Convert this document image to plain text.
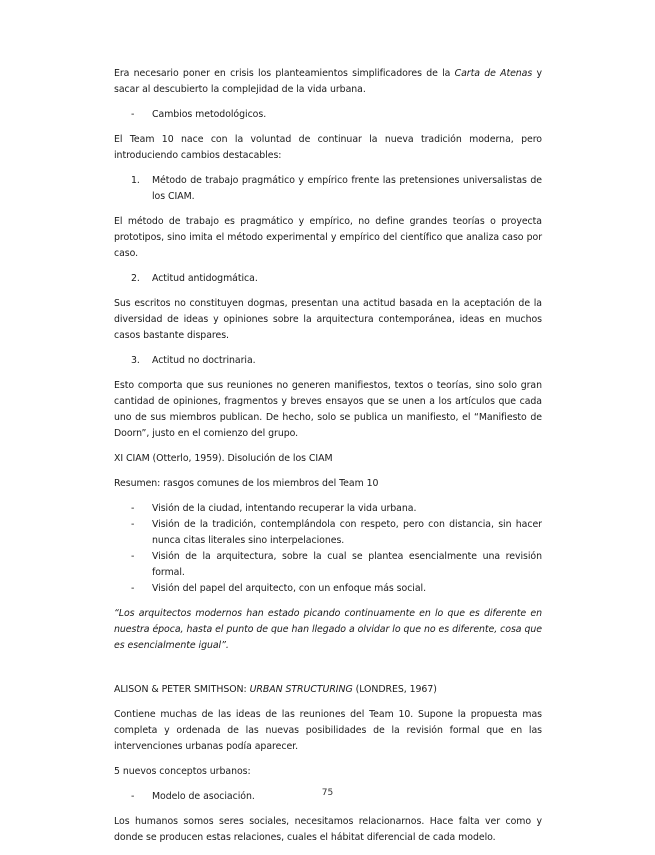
Era necesario poner en crisis los planteamientos simplificadores de la Carta de Atenas y sacar al descubierto la complejidad de la vida urbana.

- Cambios metodológicos.

El Team 10 nace con la voluntad de continuar la nueva tradición moderna, pero introduciendo cambios destacables:

1. Método de trabajo pragmático y empírico frente las pretensiones universalistas de los CIAM.

El método de trabajo es pragmático y empírico, no define grandes teorías o proyecta prototipos, sino imita el método experimental y empírico del científico que analiza caso por caso.

2. Actitud antidogmática.

Sus escritos no constituyen dogmas, presentan una actitud basada en la aceptación de la diversidad de ideas y opiniones sobre la arquitectura contemporánea, ideas en muchos casos bastante dispares.

3. Actitud no doctrinaria.

Esto comporta que sus reuniones no generen manifiestos, textos o teorías, sino solo gran cantidad de opiniones, fragmentos y breves ensayos que se unen a los artículos que cada uno de sus miembros publican. De hecho, solo se publica un manifiesto, el “Manifiesto de Doorn”, justo en el comienzo del grupo.

XI CIAM (Otterlo, 1959). Disolución de los CIAM

Resumen: rasgos comunes de los miembros del Team 10

- Visión de la ciudad, intentando recuperar la vida urbana.
- Visión de la tradición, contemplándola con respeto, pero con distancia, sin hacer nunca citas literales sino interpelaciones.
- Visión de la arquitectura, sobre la cual se plantea esencialmente una revisión formal.
- Visión del papel del arquitecto, con un enfoque más social.

“Los arquitectos modernos han estado picando continuamente en lo que es diferente en nuestra época, hasta el punto de que han llegado a olvidar lo que no es diferente, cosa que es esencialmente igual”.

ALISON & PETER SMITHSON: URBAN STRUCTURING (LONDRES, 1967)

Contiene muchas de las ideas de las reuniones del Team 10. Supone la propuesta mas completa y ordenada de las nuevas posibilidades de la revisión formal que en las intervenciones urbanas podía aparecer.

5 nuevos conceptos urbanos:

- Modelo de asociación.

Los humanos somos seres sociales, necesitamos relacionarnos. Hace falta ver como y donde se producen estas relaciones, cuales el hábitat diferencial de cada modelo.

75
